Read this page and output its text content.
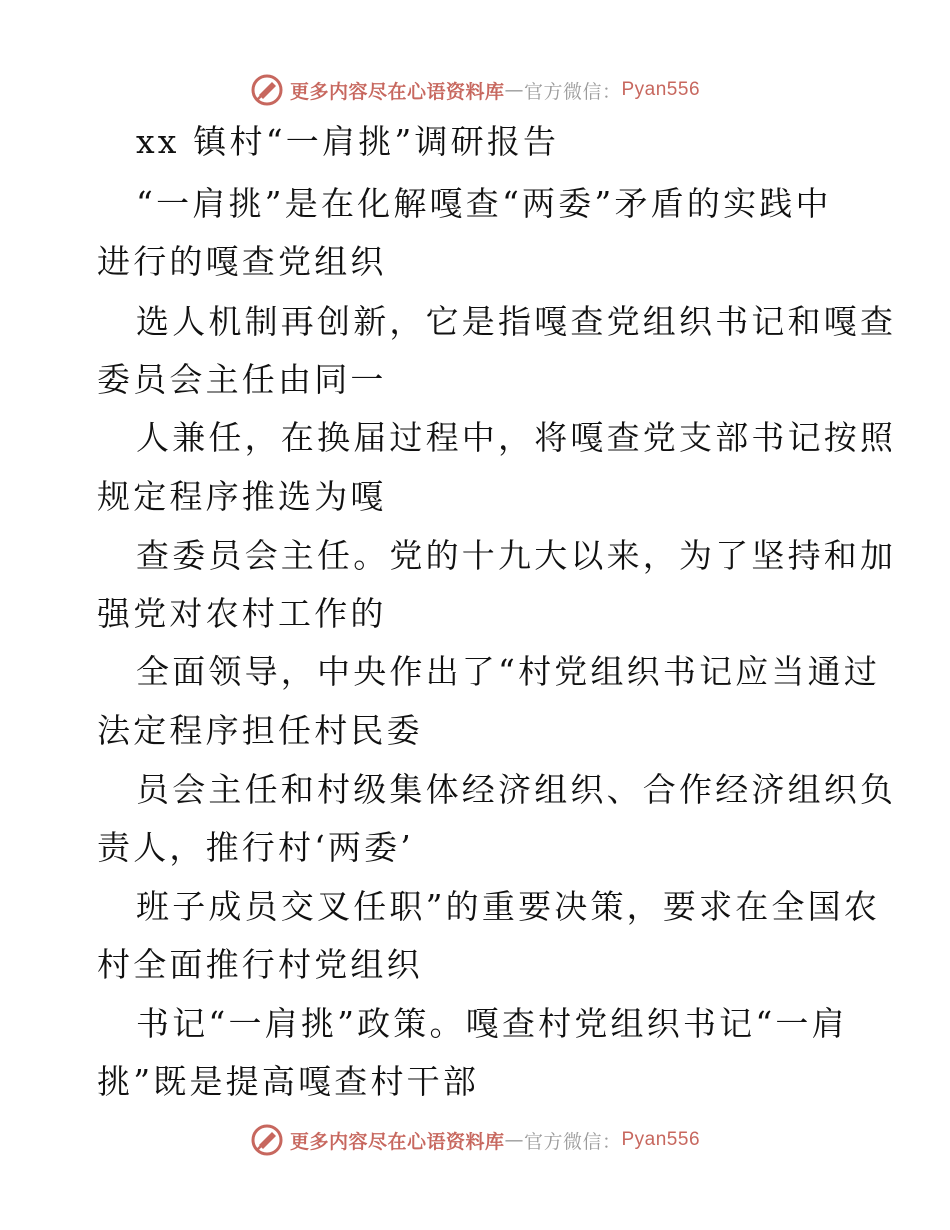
更多内容尽在心语资料库 — 官方微信： Pyan556
xx 镇村“一肩挑”调研报告
“一肩挑”是在化解嘎查“两委”矛盾的实践中
进行的嘎查党组织
选人机制再创新，它是指嘎查党组织书记和嘎查
委员会主任由同一
人兼任，在换届过程中，将嘎查党支部书记按照
规定程序推选为嘎
查委员会主任。党的十九大以来，为了坚持和加
强党对农村工作的
全面领导，中央作出了“村党组织书记应当通过
法定程序担任村民委
员会主任和村级集体经济组织、合作经济组织负
责人，推行村‘两委’
班子成员交叉任职”的重要决策，要求在全国农
村全面推行村党组织
书记“一肩挑”政策。嘎查村党组织书记“一肩
挑”既是提高嘎查村干部
更多内容尽在心语资料库 — 官方微信： Pyan556
